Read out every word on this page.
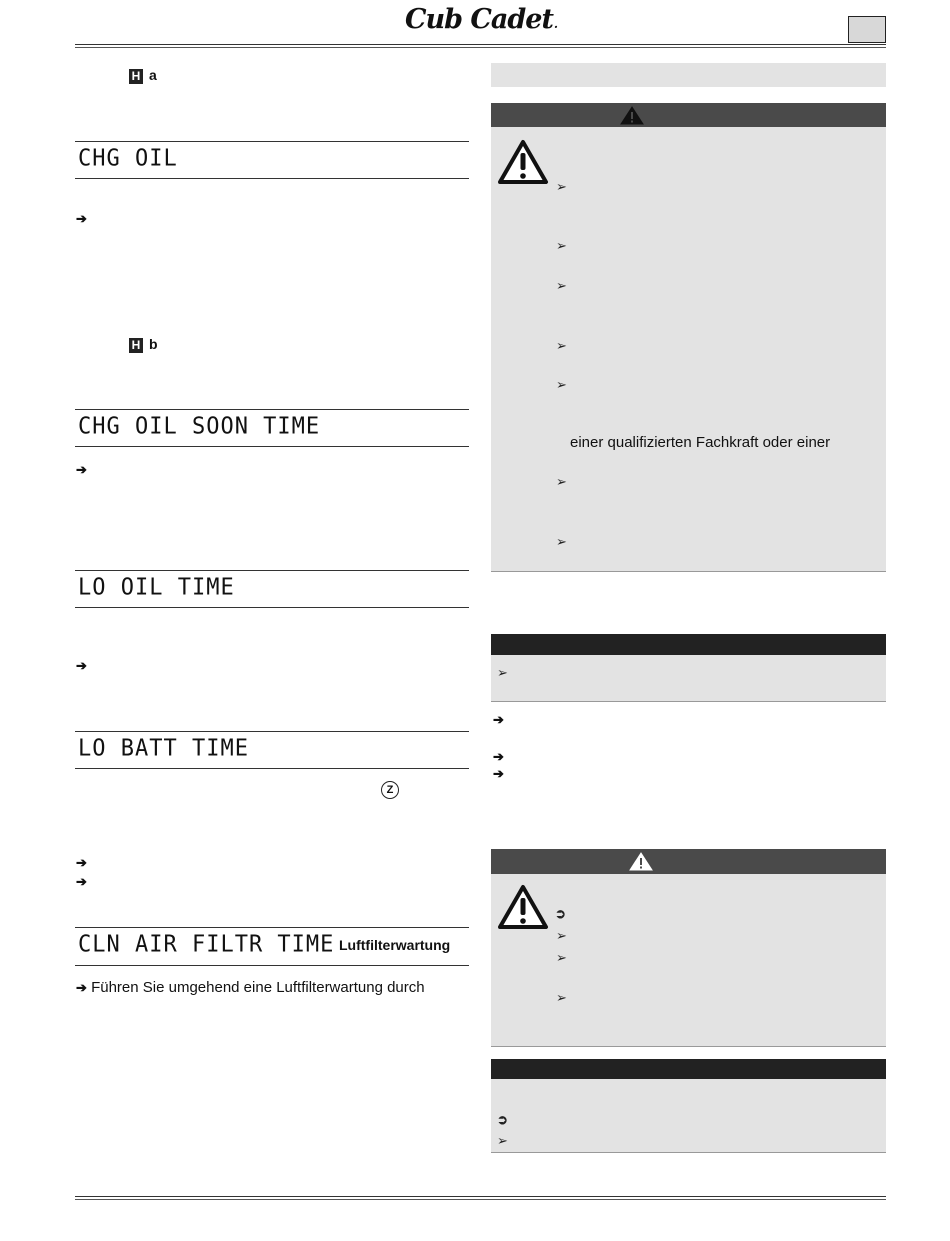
Cub Cadet.
H a
CHG OIL
➔
H b
CHG OIL SOON TIME
➔
LO OIL TIME
➔
LO BATT TIME
Z
➔
➔
CLN AIR FILTR TIME Luftfilterwartung
➔ Führen Sie umgehend eine Luftfilterwartung durch
➢
➢
➢
➢
➢
einer qualifizierten Fachkraft oder einer
➢
➢
➢
➔
➔
➔
➲
➢
➢
➢
➲
➢
